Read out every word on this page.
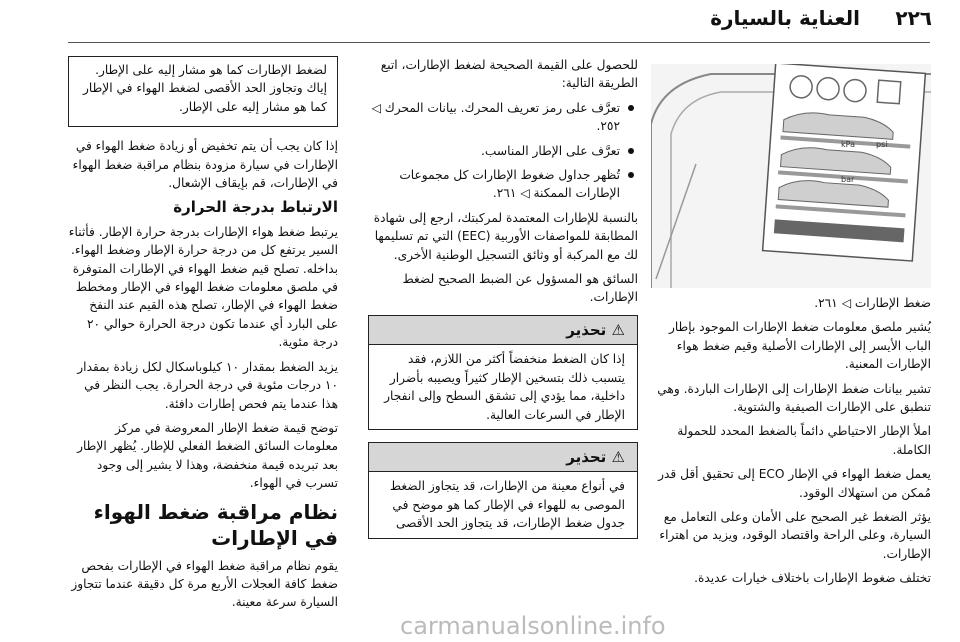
العناية بالسيارة ٢٢٦

لضغط الإطارات كما هو مشار إليه على الإطار. إياك وتجاوز الحد الأقصى لضغط الهواء في الإطار كما هو مشار إليه على الإطار.

إذا كان يجب أن يتم تخفيض أو زيادة ضغط الهواء في الإطارات في سيارة مزودة بنظام مراقبة ضغط الهواء في الإطارات، قم بإيقاف الإشعال.

الارتباط بدرجة الحرارة

يرتبط ضغط هواء الإطارات بدرجة حرارة الإطار. فأثناء السير يرتفع كل من درجة حرارة الإطار وضغط الهواء. بداخله. تصلح قيم ضغط الهواء في الإطارات المتوفرة في ملصق معلومات ضغط الهواء في الإطار ومخطط ضغط الهواء في الإطار، تصلح هذه القيم عند النفخ على البارد أي عندما تكون درجة الحرارة حوالي ٢٠ درجة مئوية.

يزيد الضغط بمقدار ١٠ كيلوباسكال لكل زيادة بمقدار ١٠ درجات مئوية في درجة الحرارة. يجب النظر في هذا عندما يتم فحص إطارات دافئة.

توضح قيمة ضغط الإطار المعروضة في مركز معلومات السائق الضغط الفعلي للإطار. يُظهر الإطار بعد تبريده قيمة منخفضة، وهذا لا يشير إلى وجود تسرب في الهواء.

نظام مراقبة ضغط الهواء في الإطارات

يقوم نظام مراقبة ضغط الهواء في الإطارات بفحص ضغط كافة العجلات الأربع مرة كل دقيقة عندما تتجاوز السيارة سرعة معينة.

للحصول على القيمة الصحيحة لضغط الإطارات، اتبع الطريقة التالية:

تعرَّف على رمز تعريف المحرك. بيانات المحرك ◁ ٢٥٢.

تعرَّف على الإطار المناسب.

تُظهر جداول ضغوط الإطارات كل مجموعات الإطارات الممكنة ◁ ٢٦١.

بالنسبة للإطارات المعتمدة لمركبتك، ارجع إلى شهادة المطابقة للمواصفات الأوربية (EEC) التي تم تسليمها لك مع المركبة أو وثائق التسجيل الوطنية الأخرى.

السائق هو المسؤول عن الضبط الصحيح لضغط الإطارات.

⚠ تحذير
إذا كان الضغط منخفضاً أكثر من اللازم، فقد يتسبب ذلك بتسخين الإطار كثيراً ويصيبه بأضرار داخلية، مما يؤدي إلى تشقق السطح وإلى انفجار الإطار في السرعات العالية.
⚠ تحذير
في أنواع معينة من الإطارات، قد يتجاوز الضغط الموصى به للهواء في الإطار كما هو موضح في جدول ضغط الإطارات، قد يتجاوز الحد الأقصى
kPa	psi
bar

ضغط الإطارات ◁ ٢٦١.

يُشير ملصق معلومات ضغط الإطارات الموجود بإطار الباب الأيسر إلى الإطارات الأصلية وقيم ضغط هواء الإطارات المعنية.

تشير بيانات ضغط الإطارات إلى الإطارات الباردة. وهي تنطبق على الإطارات الصيفية والشتوية.

املأ الإطار الاحتياطي دائماً بالضغط المحدد للحمولة الكاملة.

يعمل ضغط الهواء في الإطار ECO إلى تحقيق أقل قدر مُمكن من استهلاك الوقود.

يؤثر الضغط غير الصحيح على الأمان وعلى التعامل مع السيارة، وعلى الراحة واقتصاد الوقود، ويزيد من اهتراء الإطارات.

تختلف ضغوط الإطارات باختلاف خيارات عديدة.

carmanualsonline.info
